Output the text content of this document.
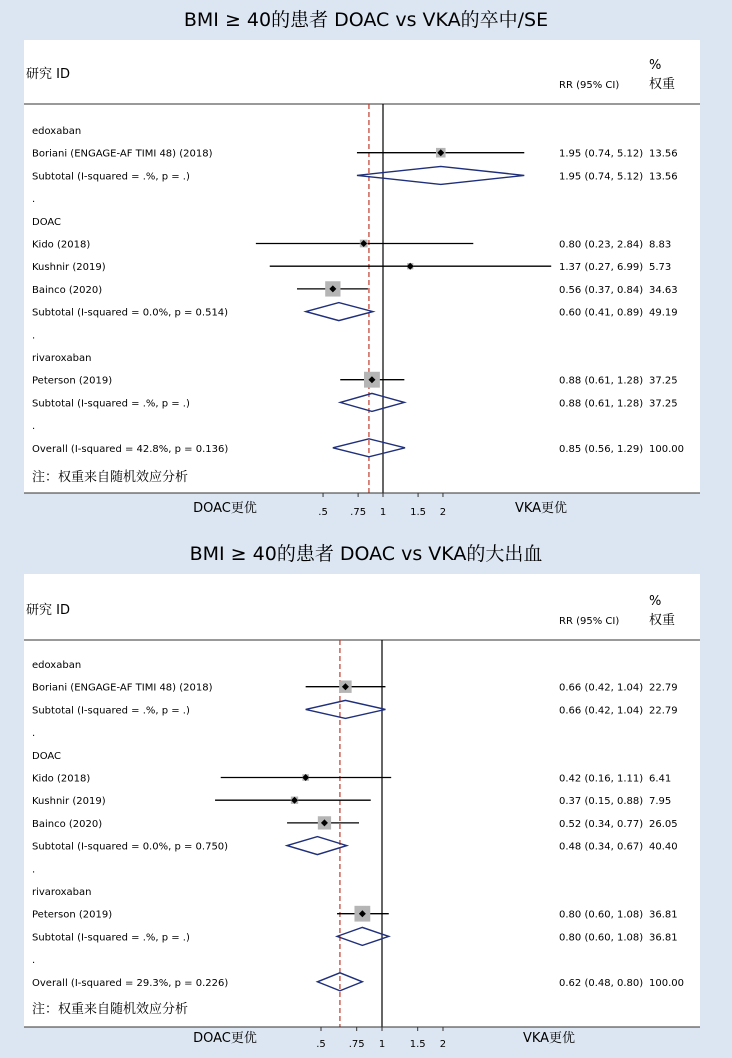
BMI ≥ 40的患者 DOAC vs VKA的卒中/SE
研究 ID
RR (95% CI)
%
权重
edoxaban
Boriani (ENGAGE-AF TIMI 48) (2018)	1.95 (0.74, 5.12) 13.56
Subtotal (I-squared = .%, p = .)	1.95 (0.74, 5.12) 13.56
.
DOAC
Kido (2018)	0.80 (0.23, 2.84) 8.83
Kushnir (2019)	1.37 (0.27, 6.99) 5.73
Bainco (2020)	0.56 (0.37, 0.84) 34.63
Subtotal (I-squared = 0.0%, p = 0.514)	0.60 (0.41, 0.89) 49.19
.
rivaroxaban
Peterson (2019)	0.88 (0.61, 1.28) 37.25
Subtotal (I-squared = .%, p = .)	0.88 (0.61, 1.28) 37.25
.
Overall (I-squared = 42.8%, p = 0.136)	0.85 (0.56, 1.29) 100.00
注：权重来自随机效应分析
.5 .75 1 1.5 2
DOAC更优	VKA更优
BMI ≥ 40的患者 DOAC vs VKA的大出血
研究 ID
RR (95% CI)
%
权重
edoxaban
Boriani (ENGAGE-AF TIMI 48) (2018)	0.66 (0.42, 1.04) 22.79
Subtotal (I-squared = .%, p = .)	0.66 (0.42, 1.04) 22.79
.
DOAC
Kido (2018)	0.42 (0.16, 1.11) 6.41
Kushnir (2019)	0.37 (0.15, 0.88) 7.95
Bainco (2020)	0.52 (0.34, 0.77) 26.05
Subtotal (I-squared = 0.0%, p = 0.750)	0.48 (0.34, 0.67) 40.40
.
rivaroxaban
Peterson (2019)	0.80 (0.60, 1.08) 36.81
Subtotal (I-squared = .%, p = .)	0.80 (0.60, 1.08) 36.81
.
Overall (I-squared = 29.3%, p = 0.226)	0.62 (0.48, 0.80) 100.00
注：权重来自随机效应分析
.5 .75 1 1.5 2
DOAC更优	VKA更优
